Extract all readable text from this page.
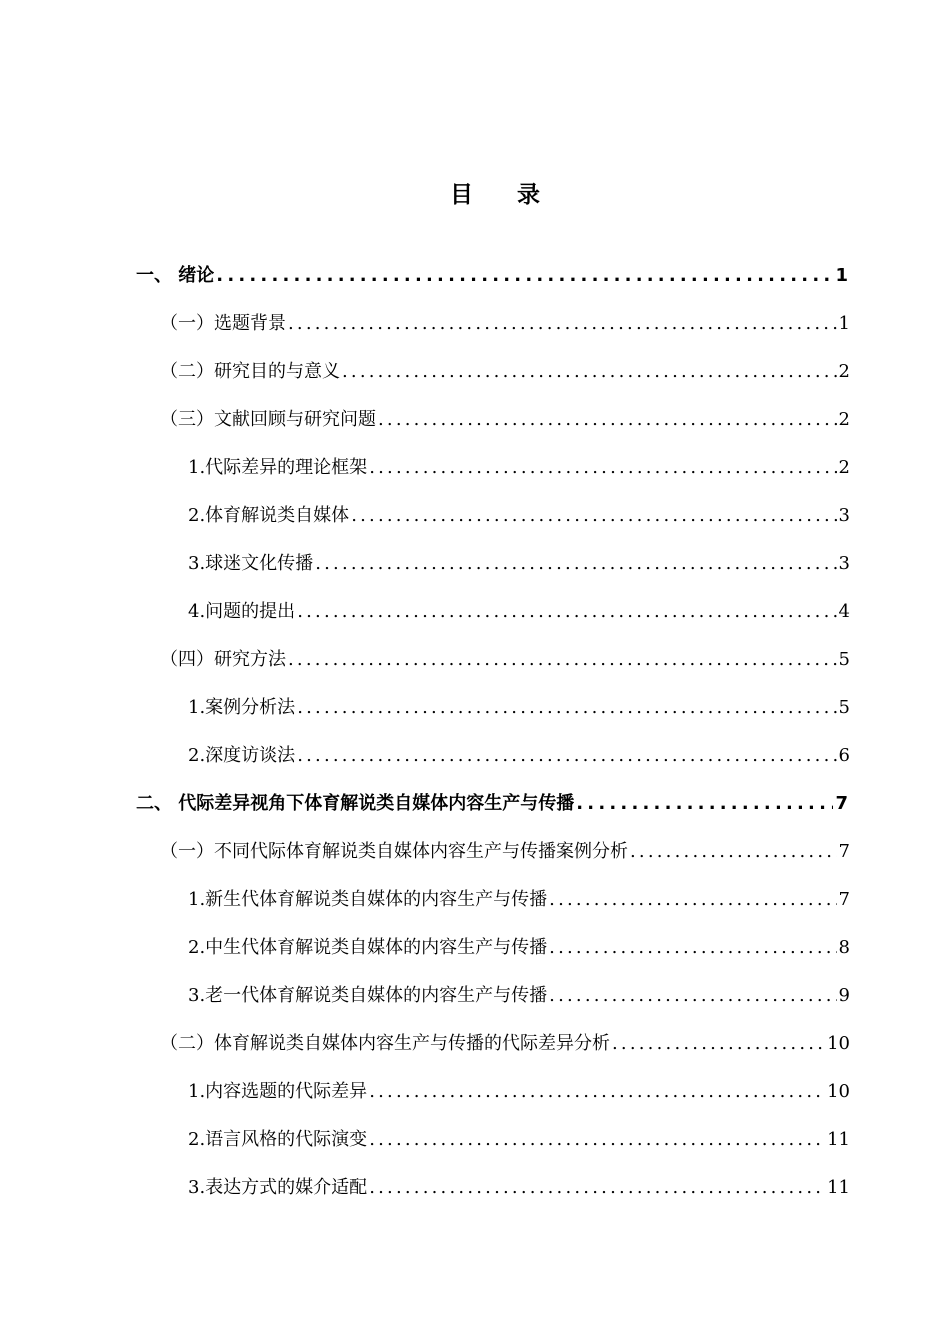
目 录
一、 绪论 .....	1
（一）选题背景 .....	1
（二）研究目的与意义 .....	2
（三）文献回顾与研究问题 .....	2
1.代际差异的理论框架 .....	2
2.体育解说类自媒体 .....	3
3.球迷文化传播 .....	3
4.问题的提出 .....	4
（四）研究方法 .....	5
1.案例分析法 .....	5
2.深度访谈法 .....	6
二、 代际差异视角下体育解说类自媒体内容生产与传播 .....	7
（一）不同代际体育解说类自媒体内容生产与传播案例分析 .....	7
1.新生代体育解说类自媒体的内容生产与传播 .....	7
2.中生代体育解说类自媒体的内容生产与传播 .....	8
3.老一代体育解说类自媒体的内容生产与传播 .....	9
（二）体育解说类自媒体内容生产与传播的代际差异分析 .....	10
1.内容选题的代际差异 .....	10
2.语言风格的代际演变 .....	11
3.表达方式的媒介适配 .....	11
